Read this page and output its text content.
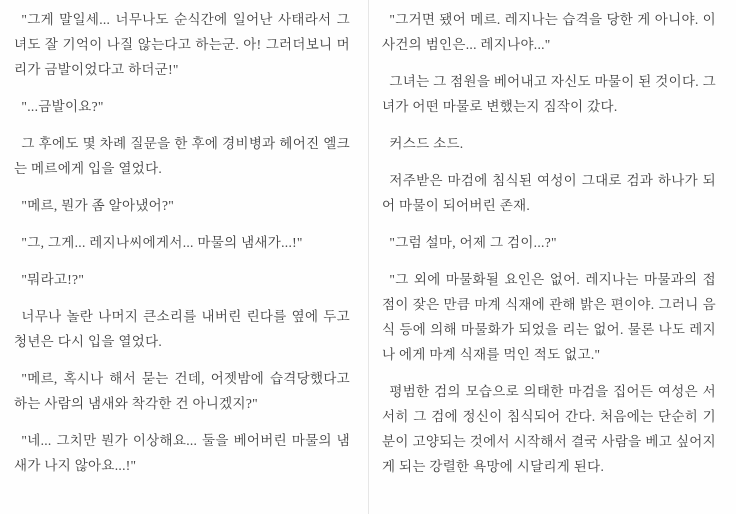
"그게 말일세... 너무나도 순식간에 일어난 사태라서 그녀도 잘 기억이 나질 않는다고 하는군. 아! 그러더보니 머리가 금발이었다고 하더군!"

"...금발이요?"

그 후에도 몇 차례 질문을 한 후에 경비병과 헤어진 엘크는 메르에게 입을 열었다.

"메르, 뭔가 좀 알아냈어?"

"그, 그게... 레지나씨에게서... 마물의 냄새가...!"

"뭐라고!?"

너무나 놀란 나머지 큰소리를 내버린 린다를 옆에 두고 청년은 다시 입을 열었다.

"메르, 혹시나 해서 묻는 건데, 어젯밤에 습격당했다고 하는 사람의 냄새와 착각한 건 아니겠지?"

"네... 그치만 뭔가 이상해요... 둘을 베어버린 마물의 냄새가 나지 않아요...!"

"그거면 됐어 메르. 레지나는 습격을 당한 게 아니야. 이 사건의 범인은... 레지나야..."

그녀는 그 점원을 베어내고 자신도 마물이 된 것이다. 그녀가 어떤 마물로 변했는지 짐작이 갔다.

커스드 소드.

저주받은 마검에 침식된 여성이 그대로 검과 하나가 되어 마물이 되어버린 존재.

"그럼 설마, 어제 그 검이...?"

"그 외에 마물화될 요인은 없어. 레지나는 마물과의 접점이 잦은 만큼 마계 식재에 관해 밝은 편이야. 그러니 음식 등에 의해 마물화가 되었을 리는 없어. 물론 나도 레지나 에게 마계 식재를 먹인 적도 없고."

평범한 검의 모습으로 의태한 마검을 집어든 여성은 서서히 그 검에 정신이 침식되어 간다. 처음에는 단순히 기분이 고양되는 것에서 시작해서 결국 사람을 베고 싶어지게 되는 강렬한 욕망에 시달리게 된다.
